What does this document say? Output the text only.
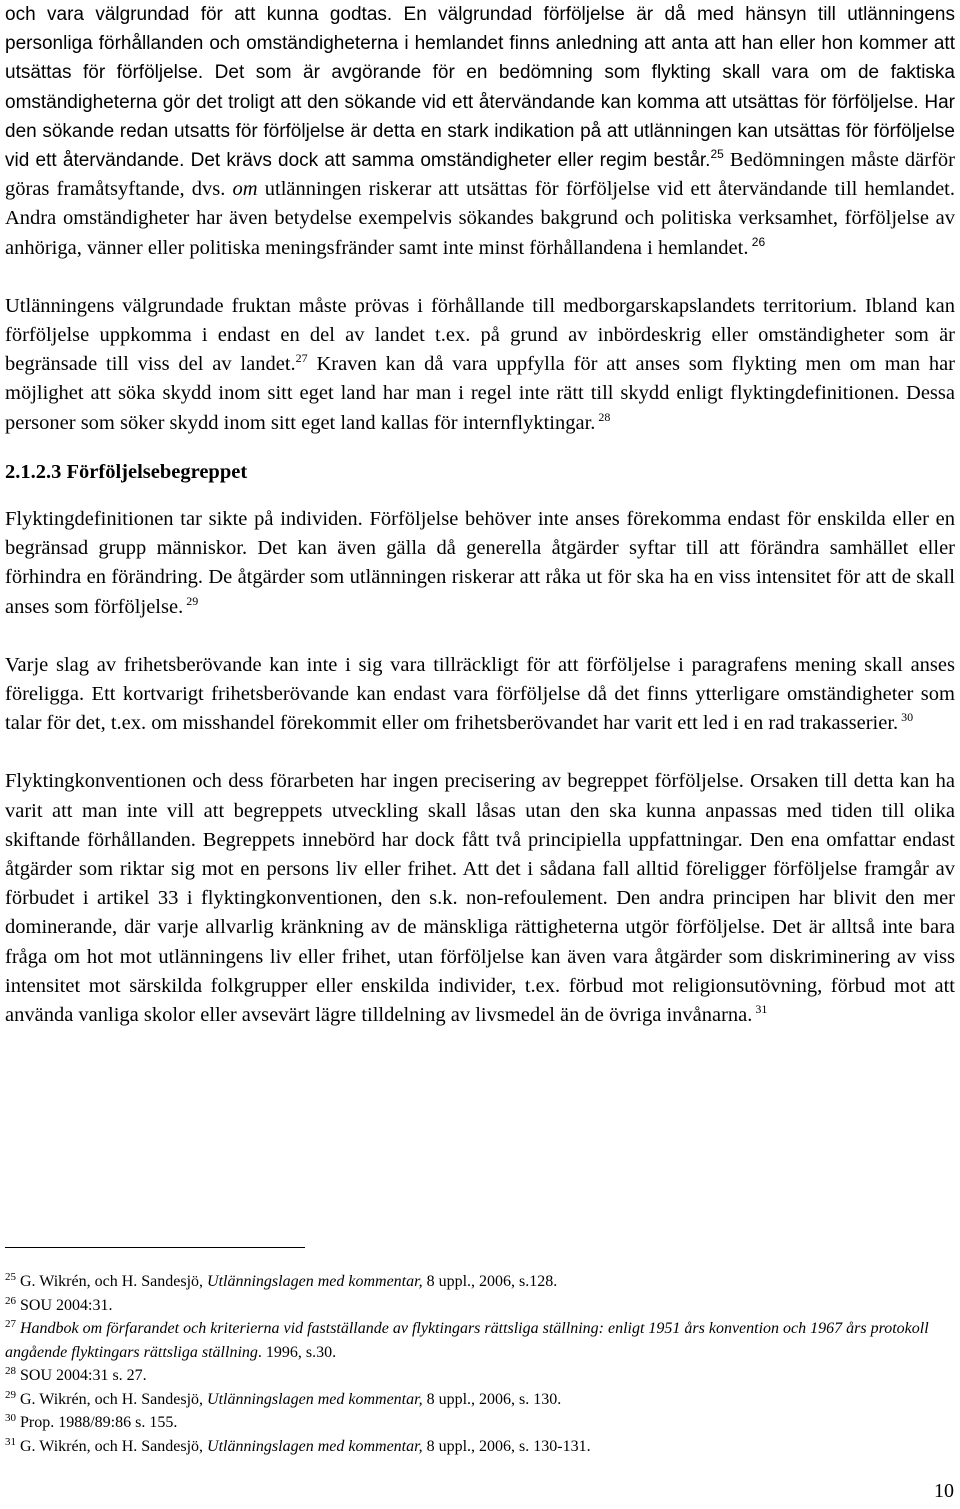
och vara välgrundad för att kunna godtas. En välgrundad förföljelse är då med hänsyn till utlänningens personliga förhållanden och omständigheterna i hemlandet finns anledning att anta att han eller hon kommer att utsättas för förföljelse. Det som är avgörande för en bedömning som flykting skall vara om de faktiska omständigheterna gör det troligt att den sökande vid ett återvändande kan komma att utsättas för förföljelse. Har den sökande redan utsatts för förföljelse är detta en stark indikation på att utlänningen kan utsättas för förföljelse vid ett återvändande. Det krävs dock att samma omständigheter eller regim består.$^{25}$ Bedömningen måste därför göras framåtsyftande, dvs. om utlänningen riskerar att utsättas för förföljelse vid ett återvändande till hemlandet. Andra omständigheter har även betydelse exempelvis sökandes bakgrund och politiska verksamhet, förföljelse av anhöriga, vänner eller politiska meningsfränder samt inte minst förhållandena i hemlandet. $^{26}$

Utlänningens välgrundade fruktan måste prövas i förhållande till medborgarskapslandets territorium. Ibland kan förföljelse uppkomma i endast en del av landet t.ex. på grund av inbördeskrig eller omständigheter som är begränsade till viss del av landet.$^{27}$ Kraven kan då vara uppfylla för att anses som flykting men om man har möjlighet att söka skydd inom sitt eget land har man i regel inte rätt till skydd enligt flyktingdefinitionen. Dessa personer som söker skydd inom sitt eget land kallas för internflyktingar. $^{28}$

2.1.2.3 Förföljelsebegreppet

Flyktingdefinitionen tar sikte på individen. Förföljelse behöver inte anses förekomma endast för enskilda eller en begränsad grupp människor. Det kan även gälla då generella åtgärder syftar till att förändra samhället eller förhindra en förändring. De åtgärder som utlänningen riskerar att råka ut för ska ha en viss intensitet för att de skall anses som förföljelse. $^{29}$

Varje slag av frihetsberövande kan inte i sig vara tillräckligt för att förföljelse i paragrafens mening skall anses föreligga. Ett kortvarigt frihetsberövande kan endast vara förföljelse då det finns ytterligare omständigheter som talar för det, t.ex. om misshandel förekommit eller om frihetsberövandet har varit ett led i en rad trakasserier. $^{30}$

Flyktingkonventionen och dess förarbeten har ingen precisering av begreppet förföljelse. Orsaken till detta kan ha varit att man inte vill att begreppets utveckling skall låsas utan den ska kunna anpassas med tiden till olika skiftande förhållanden. Begreppets innebörd har dock fått två principiella uppfattningar. Den ena omfattar endast åtgärder som riktar sig mot en persons liv eller frihet. Att det i sådana fall alltid föreligger förföljelse framgår av förbudet i artikel 33 i flyktingkonventionen, den s.k. non-refoulement. Den andra principen har blivit den mer dominerande, där varje allvarlig kränkning av de mänskliga rättigheterna utgör förföljelse. Det är alltså inte bara fråga om hot mot utlänningens liv eller frihet, utan förföljelse kan även vara åtgärder som diskriminering av viss intensitet mot särskilda folkgrupper eller enskilda individer, t.ex. förbud mot religionsutövning, förbud mot att använda vanliga skolor eller avsevärt lägre tilldelning av livsmedel än de övriga invånarna. $^{31}$

$^{25}$ G. Wikrén, och H. Sandesjö, Utlänningslagen med kommentar, 8 uppl., 2006, s.128.

$^{26}$ SOU 2004:31.

$^{27}$ Handbok om förfarandet och kriterierna vid fastställande av flyktingars rättsliga ställning: enligt 1951 års konvention och 1967 års protokoll angående flyktingars rättsliga ställning. 1996, s.30.

$^{28}$ SOU 2004:31 s. 27.

$^{29}$ G. Wikrén, och H. Sandesjö, Utlänningslagen med kommentar, 8 uppl., 2006, s. 130.

$^{30}$ Prop. 1988/89:86 s. 155.

$^{31}$ G. Wikrén, och H. Sandesjö, Utlänningslagen med kommentar, 8 uppl., 2006, s. 130-131.

10
